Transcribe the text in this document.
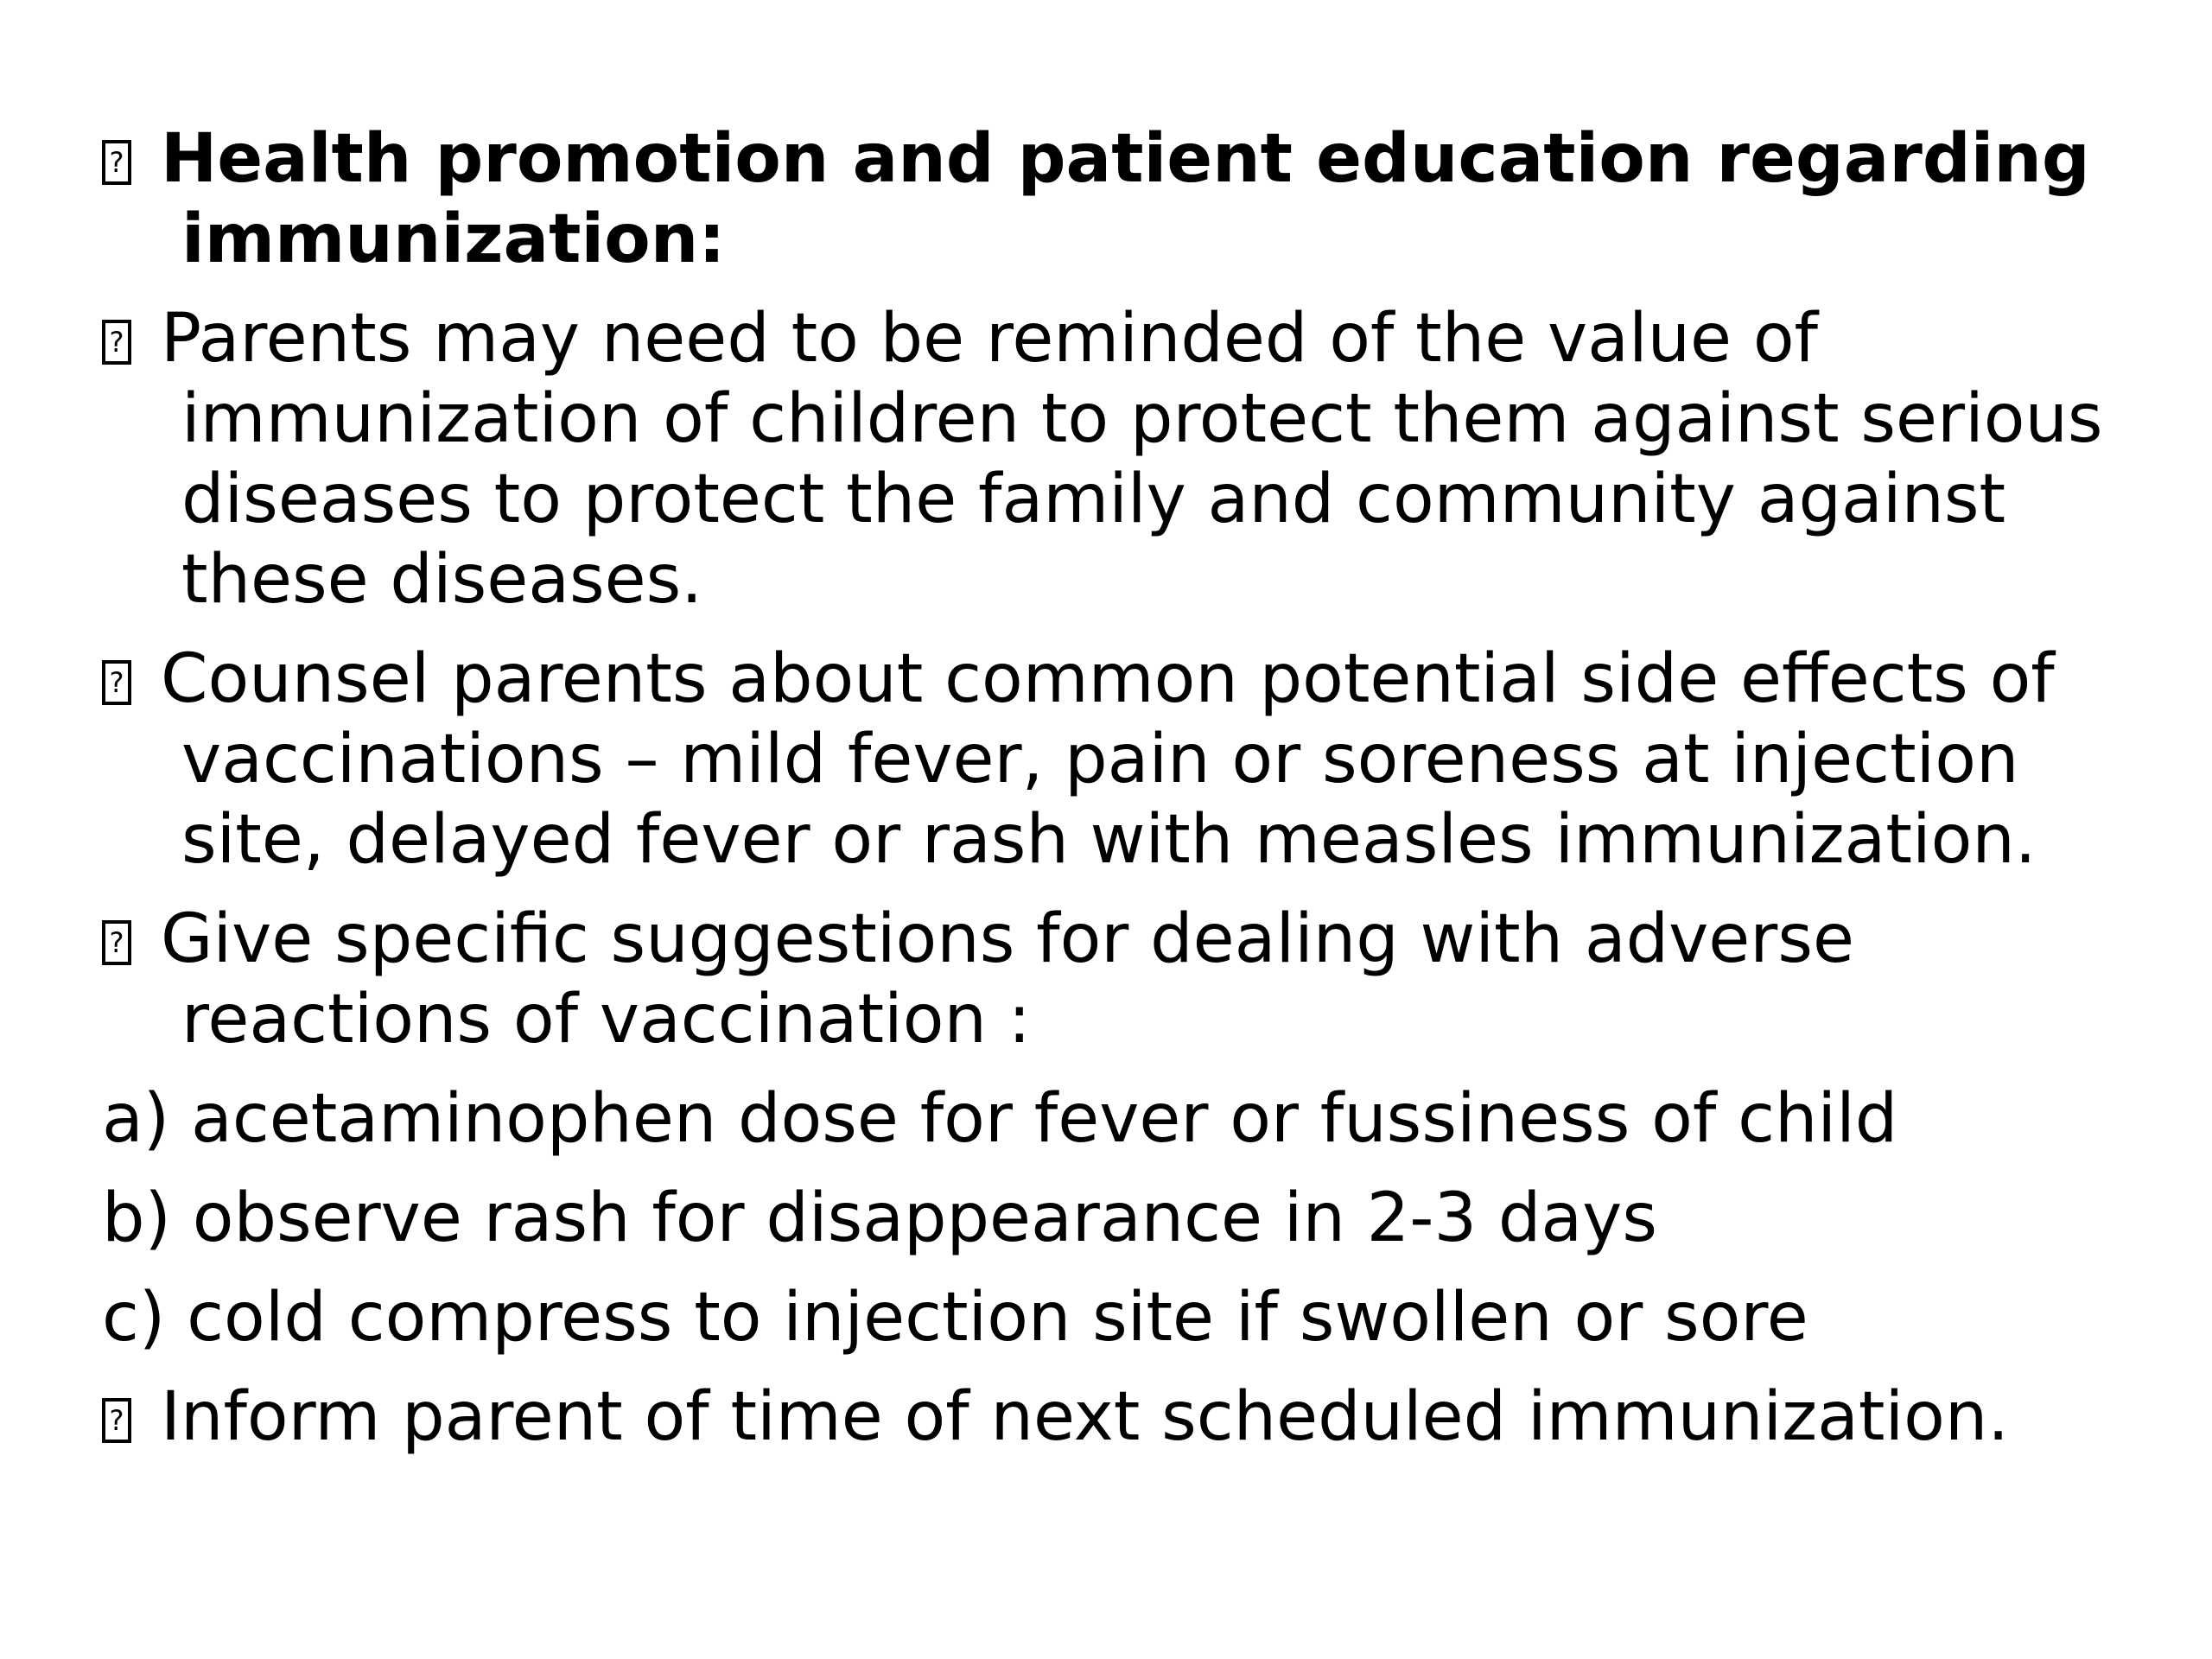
?
Health promotion and patient education regarding
immunization:
?
Parents may need to be reminded of the value of
immunization of children to protect them against serious
diseases to protect the family and community against
these diseases.
?
Counsel parents about common potential side effects of
vaccinations – mild fever, pain or soreness at injection
site, delayed fever or rash with measles immunization.
?
Give specific suggestions for dealing with adverse
reactions of vaccination :
a) acetaminophen dose for fever or fussiness of child
b) observe rash for disappearance in 2-3 days
c) cold compress to injection site if swollen or sore
?
Inform parent of time of next scheduled immunization.
